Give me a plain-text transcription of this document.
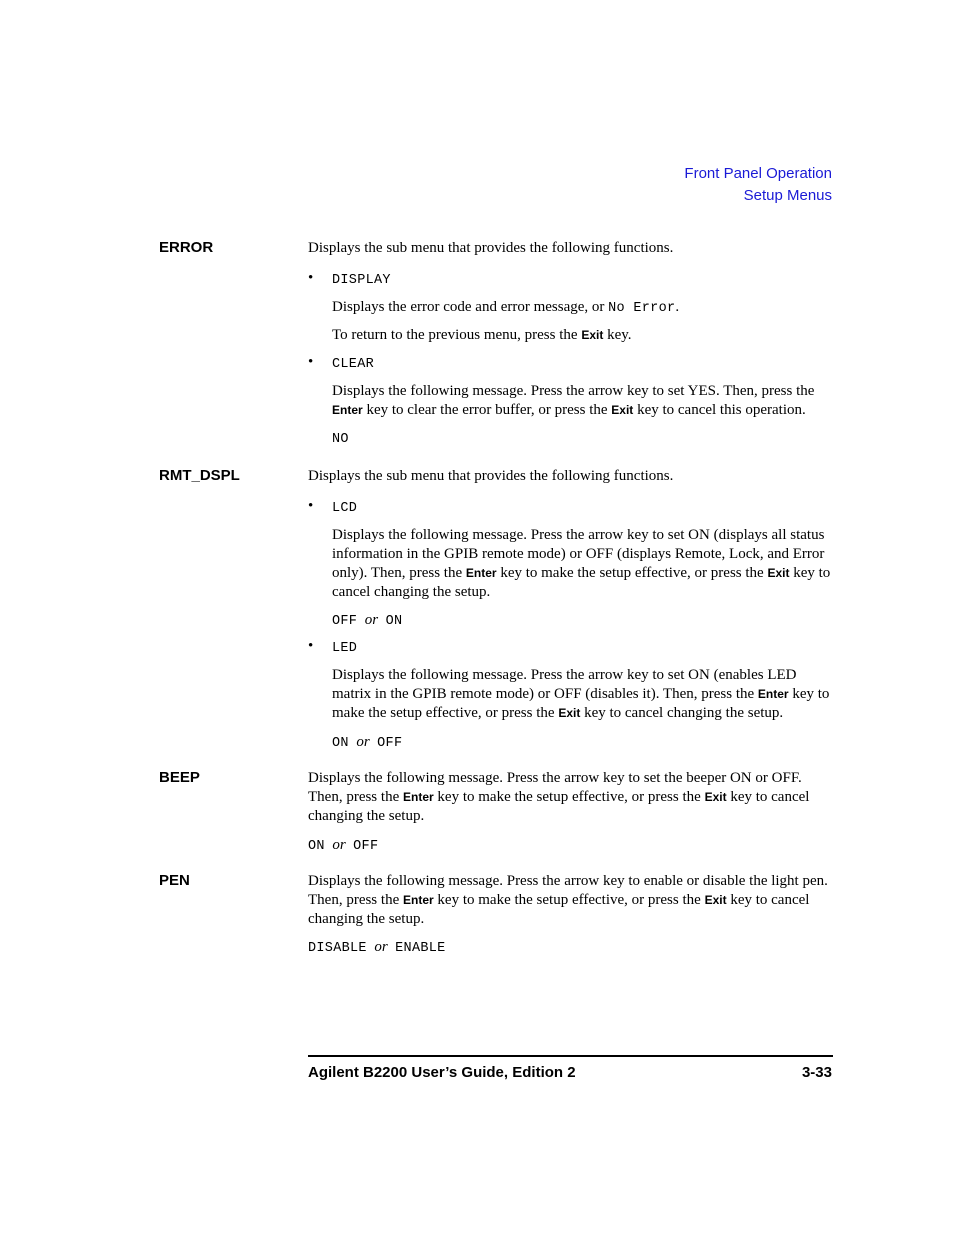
Front Panel Operation
Setup Menus
ERROR	Displays the sub menu that provides the following functions.
• DISPLAY
Displays the error code and error message, or No Error.
To return to the previous menu, press the Exit key.
• CLEAR
Displays the following message. Press the arrow key to set YES. Then, press the Enter key to clear the error buffer, or press the Exit key to cancel this operation.
NO
RMT_DSPL	Displays the sub menu that provides the following functions.
• LCD
Displays the following message. Press the arrow key to set ON (displays all status information in the GPIB remote mode) or OFF (displays Remote, Lock, and Error only). Then, press the Enter key to make the setup effective, or press the Exit key to cancel changing the setup.
OFF or ON
• LED
Displays the following message. Press the arrow key to set ON (enables LED matrix in the GPIB remote mode) or OFF (disables it). Then, press the Enter key to make the setup effective, or press the Exit key to cancel changing the setup.
ON or OFF
BEEP	Displays the following message. Press the arrow key to set the beeper ON or OFF. Then, press the Enter key to make the setup effective, or press the Exit key to cancel changing the setup.
ON or OFF
PEN	Displays the following message. Press the arrow key to enable or disable the light pen. Then, press the Enter key to make the setup effective, or press the Exit key to cancel changing the setup.
DISABLE or ENABLE
Agilent B2200 User’s Guide, Edition 2	3-33
